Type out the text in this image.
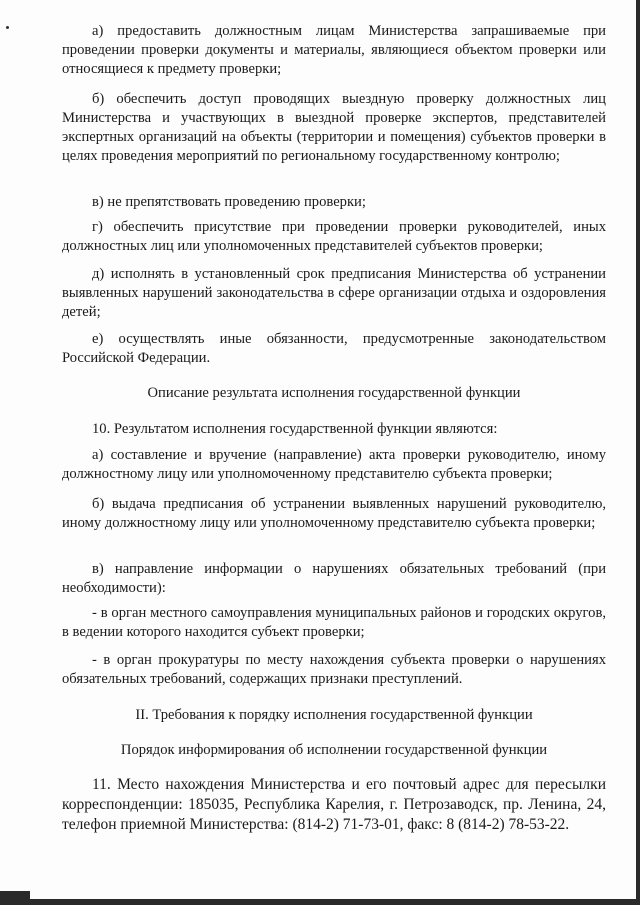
а) предоставить должностным лицам Министерства запрашиваемые при проведении проверки документы и материалы, являющиеся объектом проверки или относящиеся к предмету проверки;

б) обеспечить доступ проводящих выездную проверку должностных лиц Министерства и участвующих в выездной проверке экспертов, представителей экспертных организаций на объекты (территории и помещения) субъектов проверки в целях проведения мероприятий по региональному государственному контролю;

в) не препятствовать проведению проверки;

г) обеспечить присутствие при проведении проверки руководителей, иных должностных лиц или уполномоченных представителей субъектов проверки;

д) исполнять в установленный срок предписания Министерства об устранении выявленных нарушений законодательства в сфере организации отдыха и оздоровления детей;

е) осуществлять иные обязанности, предусмотренные законодательством Российской Федерации.

Описание результата исполнения государственной функции

10. Результатом исполнения государственной функции являются:

а) составление и вручение (направление) акта проверки руководителю, иному должностному лицу или уполномоченному представителю субъекта проверки;

б) выдача предписания об устранении выявленных нарушений руководителю, иному должностному лицу или уполномоченному представителю субъекта проверки;

в) направление информации о нарушениях обязательных требований (при необходимости):

- в орган местного самоуправления муниципальных районов и городских округов, в ведении которого находится субъект проверки;

- в орган прокуратуры по месту нахождения субъекта проверки о нарушениях обязательных требований, содержащих признаки преступлений.

II. Требования к порядку исполнения государственной функции

Порядок информирования об исполнении государственной функции

11. Место нахождения Министерства и его почтовый адрес для пересылки корреспонденции: 185035, Республика Карелия, г. Петрозаводск, пр. Ленина, 24, телефон приемной Министерства: (814-2) 71-73-01, факс: 8 (814-2) 78-53-22.
